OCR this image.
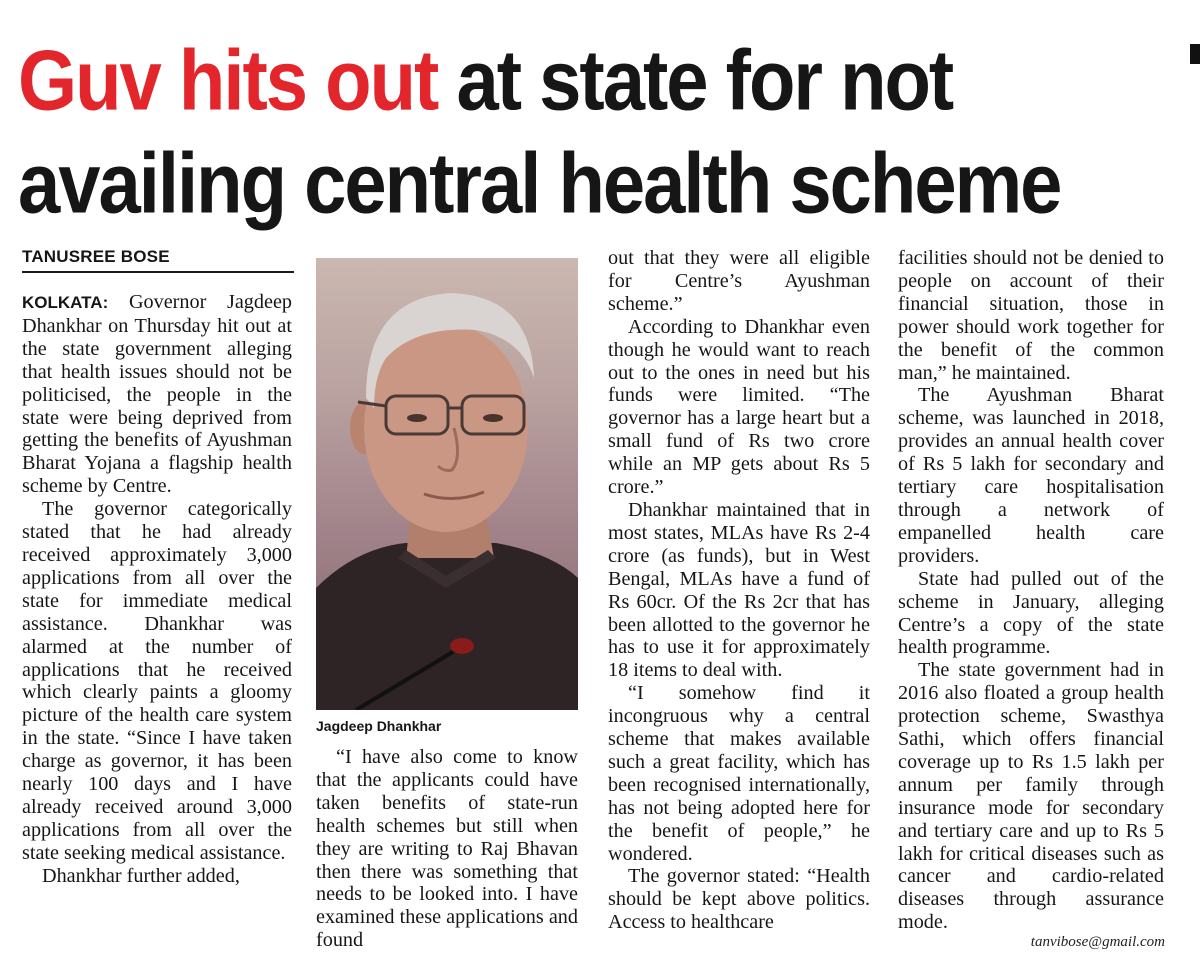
Guv hits out at state for not
availing central health scheme
TANUSREE BOSE

KOLKATA: Governor Jagdeep Dhankhar on Thursday hit out at the state government alleging that health issues should not be politicised, the people in the state were being deprived from getting the benefits of Ayushman Bharat Yojana a flagship health scheme by Centre.

The governor categorically stated that he had already received approximately 3,000 applications from all over the state for immediate medical assistance. Dhankhar was alarmed at the number of applications that he received which clearly paints a gloomy picture of the health care system in the state. “Since I have taken charge as governor, it has been nearly 100 days and I have already received around 3,000 applications from all over the state seeking medical assistance.

Dhankhar further added,

Jagdeep Dhankhar

“I have also come to know that the applicants could have taken benefits of state-run health schemes but still when they are writing to Raj Bhavan then there was something that needs to be looked into. I have examined these applications and found

out that they were all eligible for Centre’s Ayushman scheme.”

According to Dhankhar even though he would want to reach out to the ones in need but his funds were limited. “The governor has a large heart but a small fund of Rs two crore while an MP gets about Rs 5 crore.”

Dhankhar maintained that in most states, MLAs have Rs 2-4 crore (as funds), but in West Bengal, MLAs have a fund of Rs 60cr. Of the Rs 2cr that has been allotted to the governor he has to use it for approximately 18 items to deal with.

“I somehow find it incongruous why a central scheme that makes available such a great facility, which has been recognised internationally, has not being adopted here for the benefit of people,” he wondered.

The governor stated: “Health should be kept above politics. Access to healthcare

facilities should not be denied to people on account of their financial situation, those in power should work together for the benefit of the common man,” he maintained.

The Ayushman Bharat scheme, was launched in 2018, provides an annual health cover of Rs 5 lakh for secondary and tertiary care hospitalisation through a network of empanelled health care providers.

State had pulled out of the scheme in January, alleging Centre’s a copy of the state health programme.

The state government had in 2016 also floated a group health protection scheme, Swasthya Sathi, which offers financial coverage up to Rs 1.5 lakh per annum per family through insurance mode for secondary and tertiary care and up to Rs 5 lakh for critical diseases such as cancer and cardio-related diseases through assurance mode.

tanvibose@gmail.com
